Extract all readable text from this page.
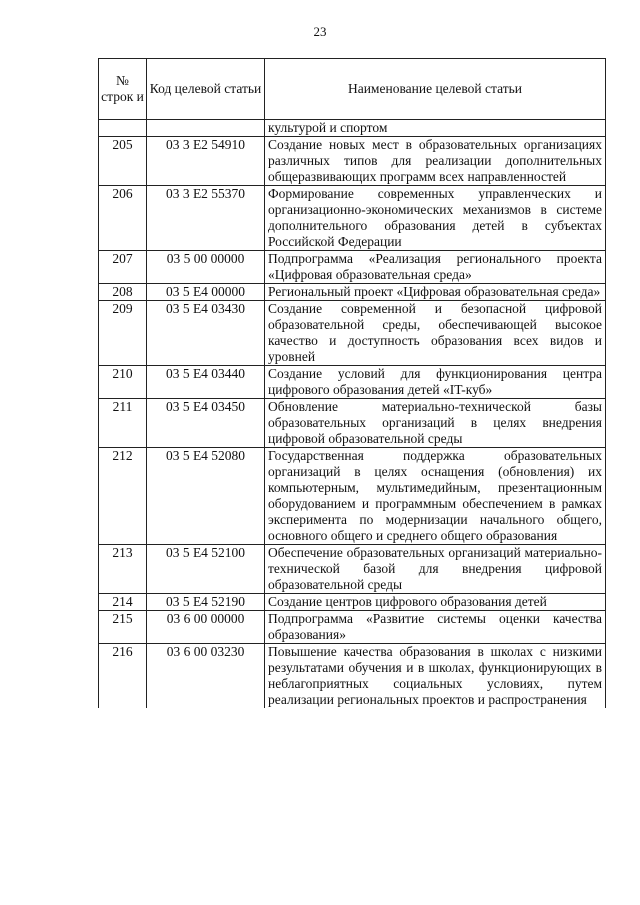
23
№ строк и	Код целевой статьи	Наименование целевой статьи
		культурой и спортом
205	03 3 E2 54910	Создание новых мест в образовательных организациях различных типов для реализации дополнительных общеразвивающих программ всех направленностей
206	03 3 E2 55370	Формирование современных управленческих и организационно-экономических механизмов в системе дополнительного образования детей в субъектах Российской Федерации
207	03 5 00 00000	Подпрограмма «Реализация регионального проекта «Цифровая образовательная среда»
208	03 5 E4 00000	Региональный проект «Цифровая образовательная среда»
209	03 5 E4 03430	Создание современной и безопасной цифровой образовательной среды, обеспечивающей высокое качество и доступность образования всех видов и уровней
210	03 5 E4 03440	Создание условий для функционирования центра цифрового образования детей «IT-куб»
211	03 5 E4 03450	Обновление материально-технической базы образовательных организаций в целях внедрения цифровой образовательной среды
212	03 5 E4 52080	Государственная поддержка образовательных организаций в целях оснащения (обновления) их компьютерным, мультимедийным, презентационным оборудованием и программным обеспечением в рамках эксперимента по модернизации начального общего, основного общего и среднего общего образования
213	03 5 E4 52100	Обеспечение образовательных организаций материально-технической базой для внедрения цифровой образовательной среды
214	03 5 E4 52190	Создание центров цифрового образования детей
215	03 6 00 00000	Подпрограмма «Развитие системы оценки качества образования»
216	03 6 00 03230	Повышение качества образования в школах с низкими результатами обучения и в школах, функционирующих в неблагоприятных социальных условиях, путем реализации региональных проектов и распространения
